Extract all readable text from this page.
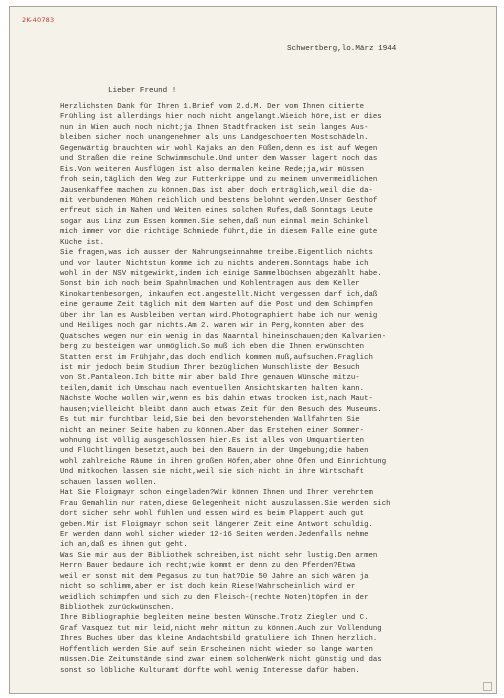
2K-40783
Schwertberg,lo.März 1944
Lieber Freund !
Herzlichsten Dank für Ihren 1.Brief vom 2.d.M. Der vom Ihnen citierte
Frühling ist allerdings hier noch nicht angelangt.Wieich höre,ist er dies
nun in Wien auch noch nicht;ja Ihnen Stadtfracken ist sein langes Aus-
bleiben sicher noch unangenehmer als uns Landgeschoerten Mostschädeln.
Gegenwärtig brauchten wir wohl Kajaks an den Füßen,denn es ist auf Wegen
und Straßen die reine Schwimmschule.Und unter dem Wasser lagert noch das
Eis.Von weiteren Ausflügen ist also dermalen keine Rede;ja,wir müssen
froh sein,täglich den Weg zur Futterkrippe und zu meinem unvermeidlichen
Jausenkaffee machen zu können.Das ist aber doch erträglich,weil die da-
mit verbundenen Mühen reichlich und bestens belohnt werden.Unser Gesthof
erfreut sich im Nahen und Weiten eines solchen Rufes,daß Sonntags Leute
sogar aus Linz zum Essen kommen.Sie sehen,daß nun einmal mein Schinkel
mich immer vor die richtige Schmiede führt,die in diesem Falle eine gute
Küche ist.
Sie fragen,was ich ausser der Nahrungseinnahme treibe.Eigentlich nichts
und vor lauter Nichtstun komme ich zu nichts anderem.Sonntags habe ich
wohl in der NSV mitgewirkt,indem ich einige Sammelbüchsen abgezählt habe.
Sonst bin ich noch beim Spahnlmachen und Kohlentragen aus dem Keller
Kinokartenbesorgen, inkaufen ect.angestellt.Nicht vergessen darf ich,daß
eine geraume Zeit täglich mit dem Warten auf die Post und dem Schimpfen
über ihr lan es Ausbleiben vertan wird.Photographiert habe ich nur wenig
und Heiliges noch gar nichts.Am 2. waren wir in Perg,konnten aber des
Quatsches wegen nur ein wenig in das Naarntal hineinschauen;den Kalvarien-
berg zu besteigen war unmöglich.So muß ich eben die Ihnen erwünschten
Statten erst im Frühjahr,das doch endlich kommen muß,aufsuchen.Fraglich
ist mir jedoch beim Studium Ihrer bezüglichen Wunschliste der Besuch
von St.Pantaleon.Ich bitte mir aber bald Ihre genauen Wünsche mitzu-
teilen,damit ich Umschau nach eventuellen Ansichtskarten halten kann.
Nächste Woche wollen wir,wenn es bis dahin etwas trocken ist,nach Maut-
hausen;vielleicht bleibt dann auch etwas Zeit für den Besuch des Museums.
Es tut mir furchtbar leid,Sie bei den bevorstehenden Wallfahrten Sie
nicht an meiner Seite haben zu können.Aber das Erstehen einer Sommer-
wohnung ist völlig ausgeschlossen hier.Es ist alles von Umquartierten
und Flüchtlingen besetzt,auch bei den Bauern in der Umgebung;die haben
wohl zahlreiche Räume in ihren großen Höfen,aber ohne Öfen und Einrichtung
Und mitkochen lassen sie nicht,weil sie sich nicht in ihre Wirtschaft
schauen lassen wollen.
Hat Sie Floigmayr schon eingeladen?Wir können Ihnen und Ihrer verehrtem
Frau Gemahlin nur raten,diese Gelegenheit nicht auszulassen.Sie werden sich
dort sicher sehr wohl fühlen und essen wird es beim Plappert auch gut
geben.Mir ist Floigmayr schon seit längerer Zeit eine Antwort schuldig.
Er werden dann wohl sicher wieder 12-16 Seiten werden.Jedenfalls nehme
ich an,daß es ihnen gut geht.
Was Sie mir aus der Bibliothek schreiben,ist nicht sehr lustig.Den armen
Herrn Bauer bedaure ich recht;wie kommt er denn zu den Pferden?Etwa
weil er sonst mit dem Pegasus zu tun hat?Die 50 Jahre an sich wären ja
nicht so schlimm,aber er ist doch kein Riese!Wahrscheinlich wird er
weidlich schimpfen und sich zu den Fleisch-(rechte Noten)töpfen in der
Bibliothek zurückwünschen.
Ihre Bibliographie begleiten meine besten Wünsche.Trotz Ziegler und C.
Graf Vasquez tut mir leid,nicht mehr mittun zu können.Auch zur Vollendung
Ihres Buches über das kleine Andachtsbild gratuliere ich Ihnen herzlich.
Hoffentlich werden Sie auf sein Erscheinen nicht wieder so lange warten
müssen.Die Zeitumstände sind zwar einem solchenWerk nicht günstig und das
sonst so löbliche Kulturamt dürfte wohl wenig Interesse dafür haben.
